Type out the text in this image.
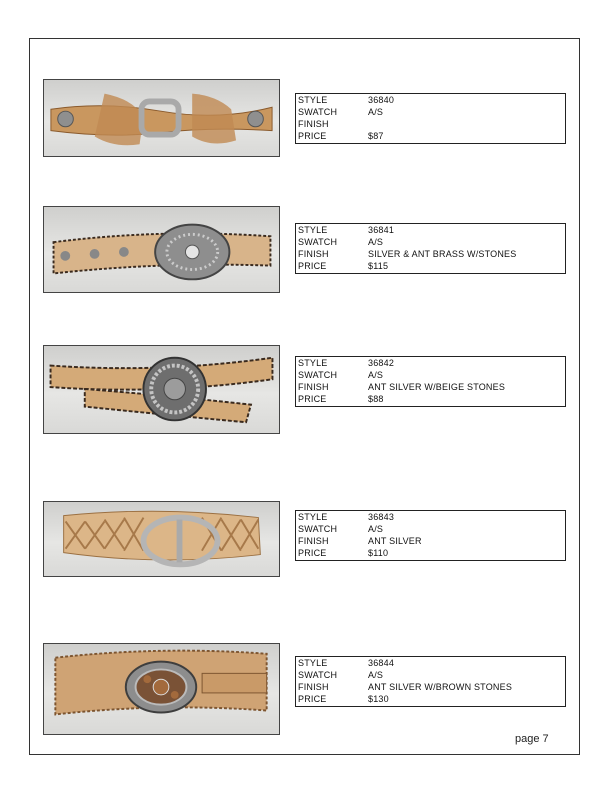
STYLE	36840
SWATCH	A/S
FINISH
PRICE	$87
STYLE	36841
SWATCH	A/S
FINISH	SILVER & ANT BRASS W/STONES
PRICE	$115
STYLE	36842
SWATCH	A/S
FINISH	ANT SILVER W/BEIGE STONES
PRICE	$88
STYLE	36843
SWATCH	A/S
FINISH	ANT SILVER
PRICE	$110
STYLE	36844
SWATCH	A/S
FINISH	ANT SILVER W/BROWN STONES
PRICE	$130
page 7
